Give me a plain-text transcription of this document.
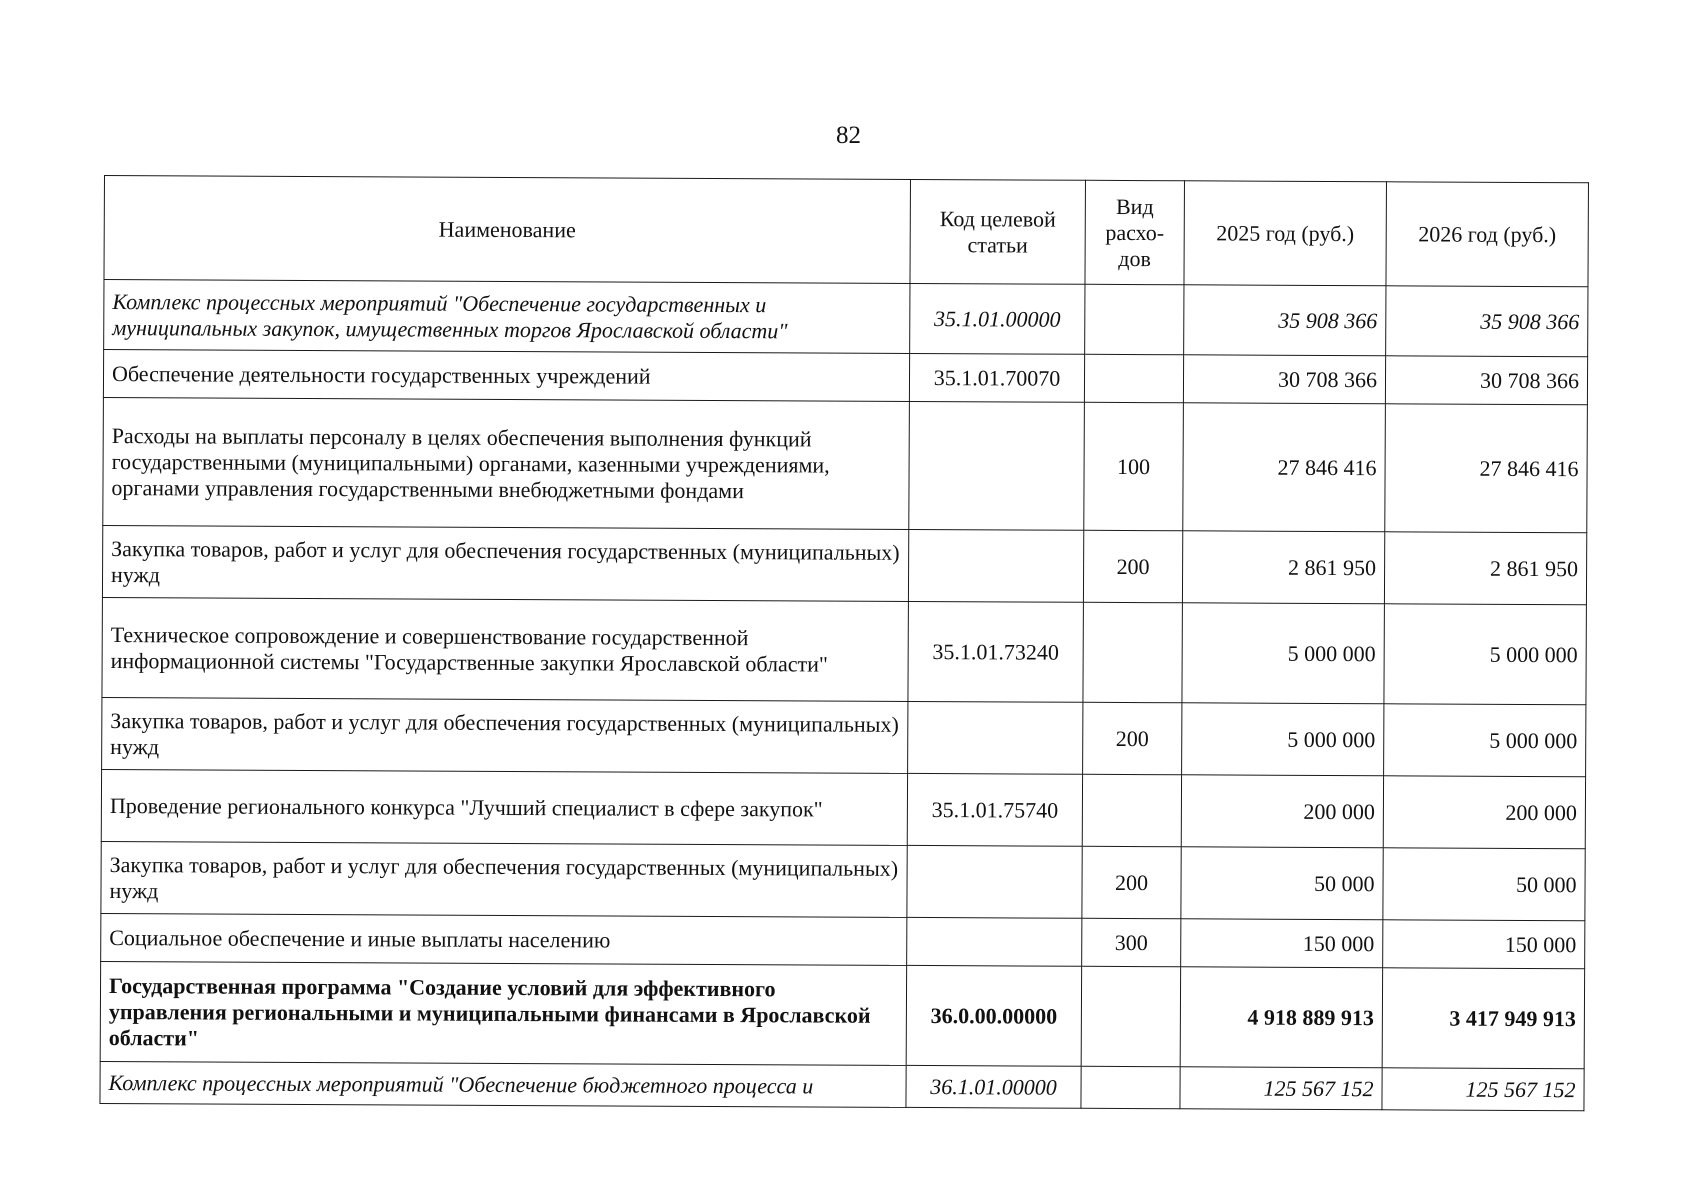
82
Наименование	Код целевой статьи	Вид расхо-дов	2025 год (руб.)	2026 год (руб.)
Комплекс процессных мероприятий "Обеспечение государственных и муниципальных закупок, имущественных торгов Ярославской области"	35.1.01.00000		35 908 366	35 908 366
Обеспечение деятельности государственных учреждений	35.1.01.70070		30 708 366	30 708 366
Расходы на выплаты персоналу в целях обеспечения выполнения функций государственными (муниципальными) органами, казенными учреждениями, органами управления государственными внебюджетными фондами		100	27 846 416	27 846 416
Закупка товаров, работ и услуг для обеспечения государственных (муниципальных) нужд		200	2 861 950	2 861 950
Техническое сопровождение и совершенствование государственной информационной системы "Государственные закупки Ярославской области"	35.1.01.73240		5 000 000	5 000 000
Закупка товаров, работ и услуг для обеспечения государственных (муниципальных) нужд		200	5 000 000	5 000 000
Проведение регионального конкурса "Лучший специалист в сфере закупок"	35.1.01.75740		200 000	200 000
Закупка товаров, работ и услуг для обеспечения государственных (муниципальных) нужд		200	50 000	50 000
Социальное обеспечение и иные выплаты населению		300	150 000	150 000
Государственная программа "Создание условий для эффективного управления региональными и муниципальными финансами в Ярославской области"	36.0.00.00000		4 918 889 913	3 417 949 913
Комплекс процессных мероприятий "Обеспечение бюджетного процесса и	36.1.01.00000		125 567 152	125 567 152
